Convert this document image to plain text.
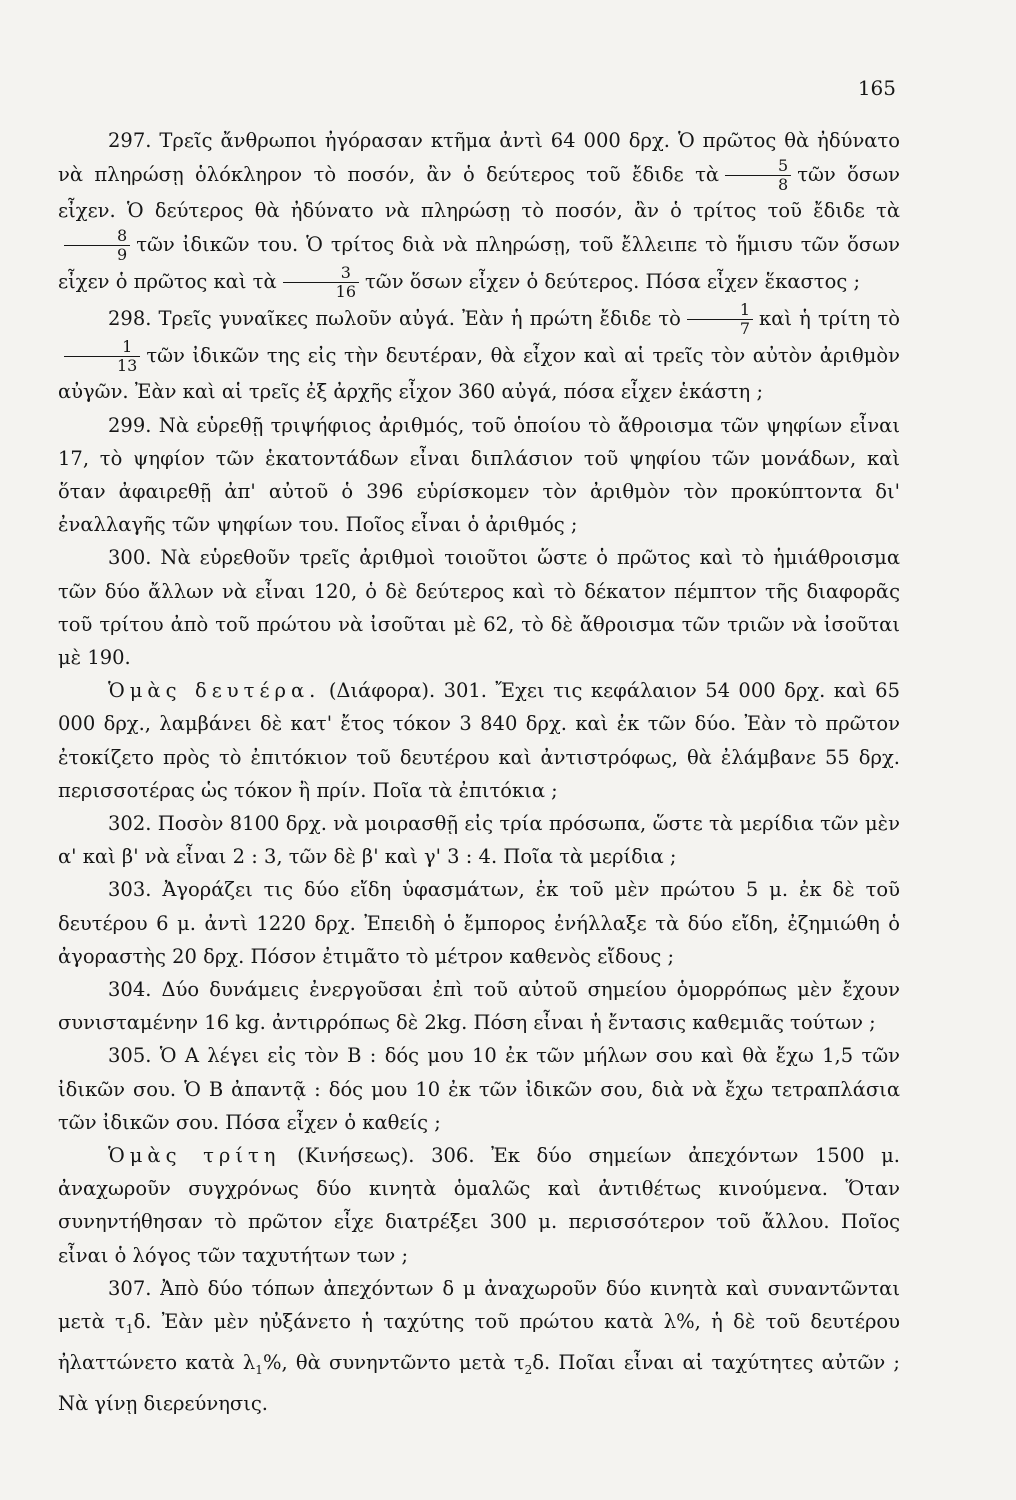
165

297. Τρεῖς ἄνθρωποι ἠγόρασαν κτῆμα ἀντὶ 64 000 δρχ. Ὁ πρῶτος θὰ ἠδύνατο νὰ πληρώσῃ ὁλόκληρον τὸ ποσόν, ἂν ὁ δεύτερος τοῦ ἔδιδε τὰ $\frac{5}{8}$ τῶν ὅσων εἶχεν. Ὁ δεύτερος θὰ ἠδύνατο νὰ πληρώσῃ τὸ ποσόν, ἂν ὁ τρίτος τοῦ ἔδιδε τὰ
$\frac{8}{9}$ τῶν ἰδικῶν του. Ὁ τρίτος διὰ νὰ πληρώσῃ, τοῦ ἔλλειπε τὸ ἥμισυ τῶν ὅσων εἶχεν ὁ πρῶτος καὶ τὰ $\frac{3}{16}$ τῶν ὅσων εἶχεν ὁ δεύτερος. Πόσα εἶχεν ἕκαστος ;

298. Τρεῖς γυναῖκες πωλοῦν αὐγά. Ἐὰν ἡ πρώτη ἔδιδε τὸ $\frac{1}{7}$ καὶ ἡ τρίτη τὸ
$\frac{1}{13}$ τῶν ἰδικῶν της εἰς τὴν δευτέραν, θὰ εἶχον καὶ αἱ τρεῖς τὸν αὐτὸν ἀριθμὸν αὐγῶν. Ἐὰν καὶ αἱ τρεῖς ἐξ ἀρχῆς εἶχον 360 αὐγά, πόσα εἶχεν ἑκάστη ;

299. Νὰ εὑρεθῇ τριψήφιος ἀριθμός, τοῦ ὁποίου τὸ ἄθροισμα τῶν ψηφίων εἶναι 17, τὸ ψηφίον τῶν ἑκατοντάδων εἶναι διπλάσιον τοῦ ψηφίου τῶν μονάδων, καὶ ὅταν ἀφαιρεθῇ ἀπ' αὐτοῦ ὁ 396 εὑρίσκομεν τὸν ἀριθμὸν τὸν προκύπτοντα δι' ἐναλλαγῆς τῶν ψηφίων του. Ποῖος εἶναι ὁ ἀριθμός ;

300. Νὰ εὑρεθοῦν τρεῖς ἀριθμοὶ τοιοῦτοι ὥστε ὁ πρῶτος καὶ τὸ ἡμιάθροισμα τῶν δύο ἄλλων νὰ εἶναι 120, ὁ δὲ δεύτερος καὶ τὸ δέκατον πέμπτον τῆς διαφορᾶς τοῦ τρίτου ἀπὸ τοῦ πρώτου νὰ ἰσοῦται μὲ 62, τὸ δὲ ἄθροισμα τῶν τριῶν νὰ ἰσοῦται μὲ 190.

Ὁμὰς δευτέρα. (Διάφορα). 301. Ἔχει τις κεφάλαιον 54 000 δρχ. καὶ 65 000 δρχ., λαμβάνει δὲ κατ' ἔτος τόκον 3 840 δρχ. καὶ ἐκ τῶν δύο. Ἐὰν τὸ πρῶτον ἐτοκίζετο πρὸς τὸ ἐπιτόκιον τοῦ δευτέρου καὶ ἀντιστρόφως, θὰ ἐλάμβανε 55 δρχ. περισσοτέρας ὡς τόκον ἢ πρίν. Ποῖα τὰ ἐπιτόκια ;

302. Ποσὸν 8100 δρχ. νὰ μοιρασθῇ εἰς τρία πρόσωπα, ὥστε τὰ μερίδια τῶν μὲν α' καὶ β' νὰ εἶναι 2 : 3, τῶν δὲ β' καὶ γ' 3 : 4. Ποῖα τὰ μερίδια ;

303. Ἀγοράζει τις δύο εἴδη ὑφασμάτων, ἐκ τοῦ μὲν πρώτου 5 μ. ἐκ δὲ τοῦ δευτέρου 6 μ. ἀντὶ 1220 δρχ. Ἐπειδὴ ὁ ἔμπορος ἐνήλλαξε τὰ δύο εἴδη, ἐζημιώθη ὁ ἀγοραστὴς 20 δρχ. Πόσον ἐτιμᾶτο τὸ μέτρον καθενὸς εἴδους ;

304. Δύο δυνάμεις ἐνεργοῦσαι ἐπὶ τοῦ αὐτοῦ σημείου ὁμορρόπως μὲν ἔχουν συνισταμένην 16 kg. ἀντιρρόπως δὲ 2kg. Πόση εἶναι ἡ ἔντασις καθεμιᾶς τούτων ;

305. Ὁ Α λέγει εἰς τὸν Β : δός μου 10 ἐκ τῶν μήλων σου καὶ θὰ ἔχω 1,5 τῶν ἰδικῶν σου. Ὁ Β ἀπαντᾷ : δός μου 10 ἐκ τῶν ἰδικῶν σου, διὰ νὰ ἔχω τετραπλάσια τῶν ἰδικῶν σου. Πόσα εἶχεν ὁ καθείς ;

Ὁμὰς τρίτη (Κινήσεως). 306. Ἐκ δύο σημείων ἀπεχόντων 1500 μ. ἀναχωροῦν συγχρόνως δύο κινητὰ ὁμαλῶς καὶ ἀντιθέτως κινούμενα. Ὅταν συνηντήθησαν τὸ πρῶτον εἶχε διατρέξει 300 μ. περισσότερον τοῦ ἄλλου. Ποῖος εἶναι ὁ λόγος τῶν ταχυτήτων των ;

307. Ἀπὸ δύο τόπων ἀπεχόντων δ μ ἀναχωροῦν δύο κινητὰ καὶ συναντῶνται μετὰ $\tau_1\delta$. Ἐὰν μὲν ηὐξάνετο ἡ ταχύτης τοῦ πρώτου κατὰ λ%, ἡ δὲ τοῦ δευτέρου ἠλαττώνετο κατὰ $\lambda_1\%$, θὰ συνηντῶντο μετὰ $\tau_2\delta$. Ποῖαι εἶναι αἱ ταχύτητες αὐτῶν ; Νὰ γίνῃ διερεύνησις.
